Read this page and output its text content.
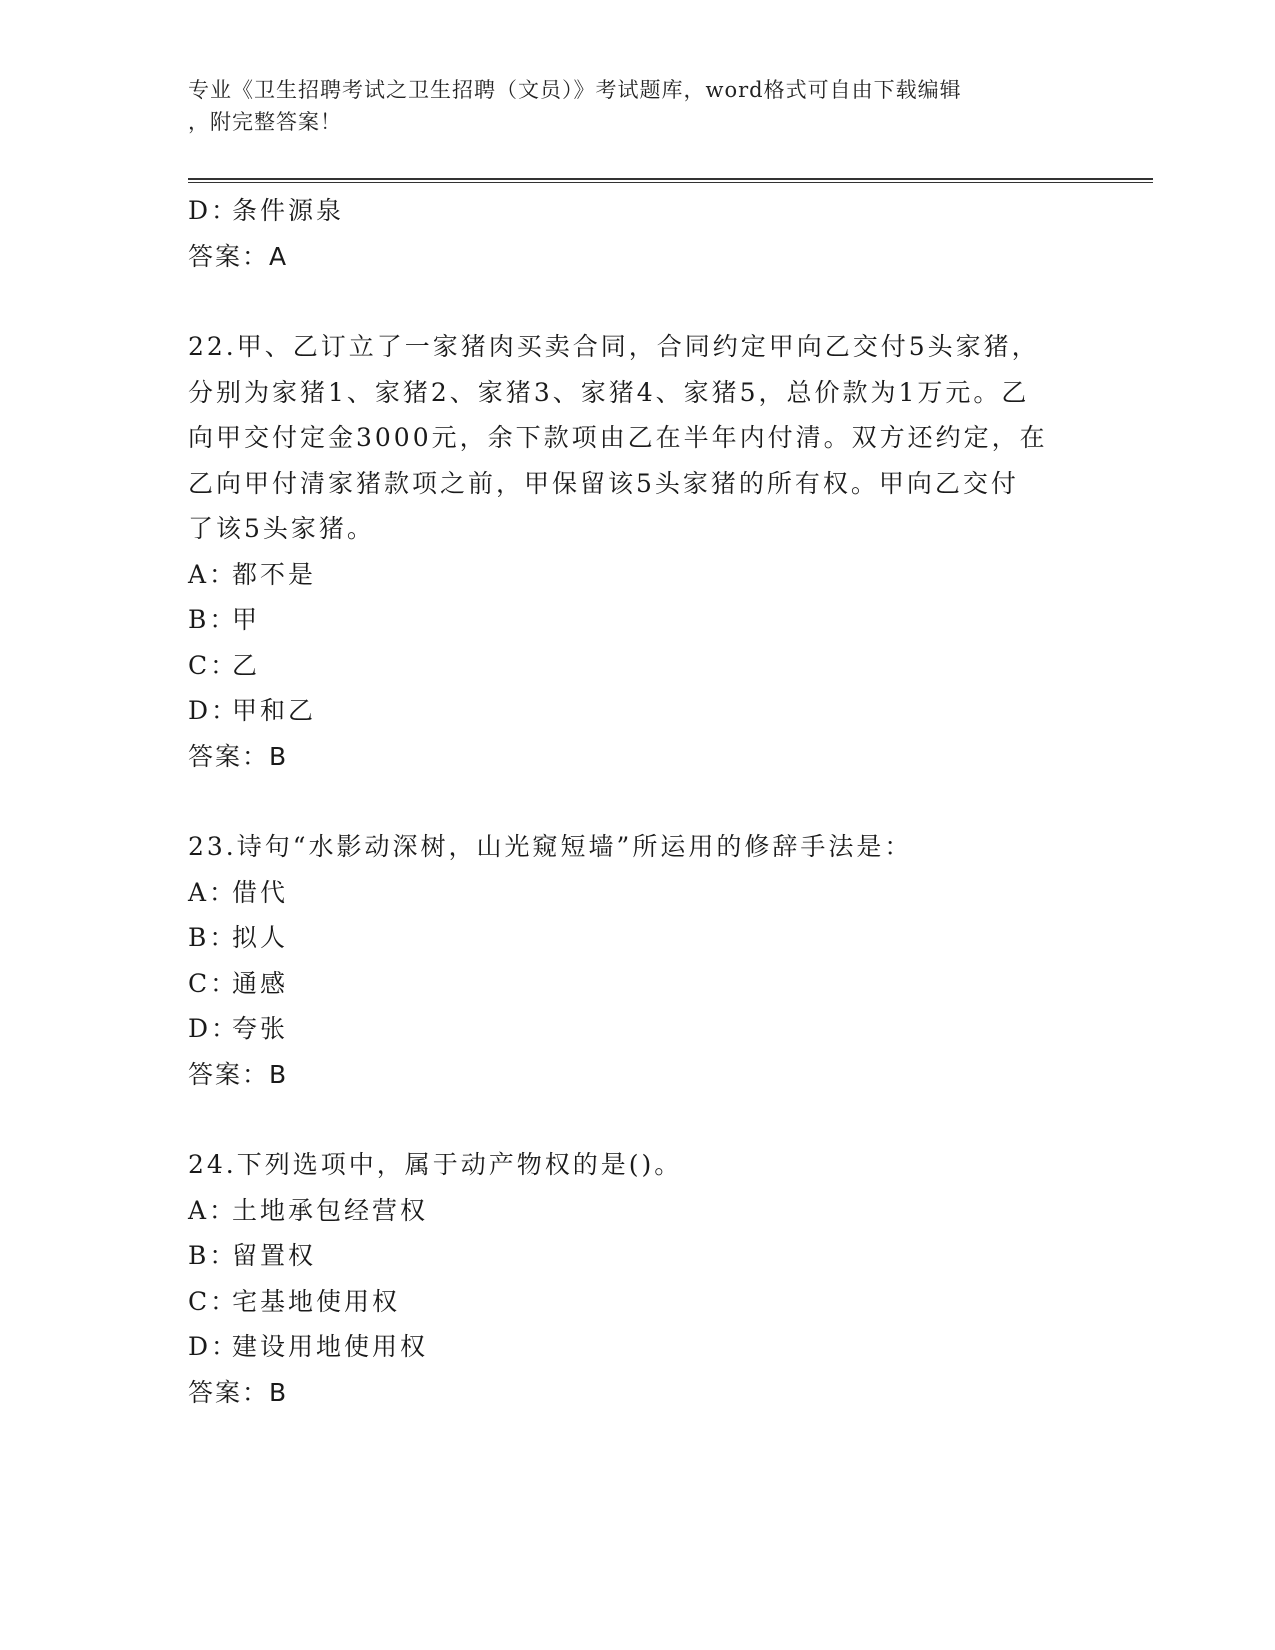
专业《卫生招聘考试之卫生招聘（文员）》考试题库，word格式可自由下载编辑
，附完整答案！
D：条件源泉
答案：A
22.甲、乙订立了一家猪肉买卖合同，合同约定甲向乙交付5头家猪，
分别为家猪1、家猪2、家猪3、家猪4、家猪5，总价款为1万元。乙
向甲交付定金3000元，余下款项由乙在半年内付清。双方还约定，在
乙向甲付清家猪款项之前，甲保留该5头家猪的所有权。甲向乙交付
了该5头家猪。
A：都不是
B：甲
C：乙
D：甲和乙
答案：B
23.诗句“水影动深树，山光窥短墙”所运用的修辞手法是：
A：借代
B：拟人
C：通感
D：夸张
答案：B
24.下列选项中，属于动产物权的是()。
A：土地承包经营权
B：留置权
C：宅基地使用权
D：建设用地使用权
答案：B
